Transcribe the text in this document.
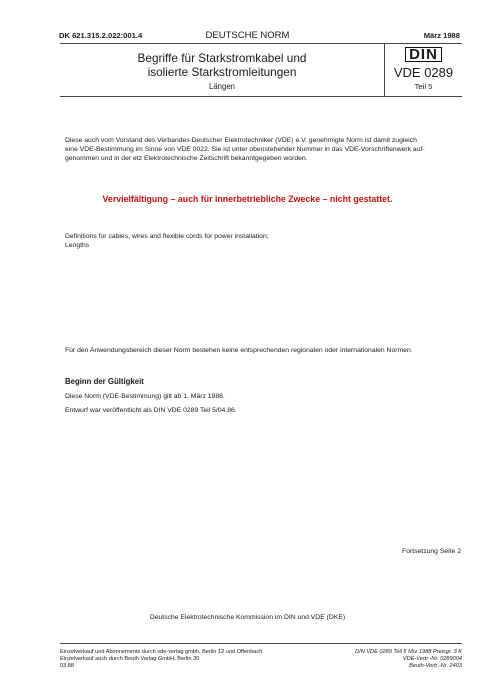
DK 621.315.2.022:001.4	DEUTSCHE NORM	März 1988
Begriffe für Starkstromkabel und
isolierte Starkstromleitungen
Längen
DIN
VDE 0289
Teil 5
Diese auch vom Vorstand des Verbandes Deutscher Elektrotechniker (VDE) e.V. genehmigte Norm ist damit zugleich
eine VDE-Bestimmung im Sinne von VDE 0022. Sie ist unter obenstehender Nummer in das VDE-Vorschriftenwerk auf-
genommen und in der etz Elektrotechnische Zeitschrift bekanntgegeben worden.
Vervielfältigung – auch für innerbetriebliche Zwecke – nicht gestattet.
Definitions for cables, wires and flexible cords for power installation;
Lengths
Für den Anwendungsbereich dieser Norm bestehen keine entsprechenden regionalen oder internationalen Normen.
Beginn der Gültigkeit
Diese Norm (VDE-Bestimmung) gilt ab 1. März 1988.
Entwurf war veröffentlicht als DIN VDE 0289 Teil 5/04.86.
Fortsetzung Seite 2
Deutsche Elektrotechnische Kommission im DIN und VDE (DKE)
Einzelverkauf und Abonnements durch vde-verlag gmbh, Berlin 12 und Offenbach
Einzelverkauf auch durch Beuth Verlag GmbH, Berlin 30
03.88
DIN VDE 0289 Teil 5 Mrz 1988 Preisgr. 3 K
VDE-Vertr.-Nr. 0289004
Beuth-Vertr.-Nr. 2403
